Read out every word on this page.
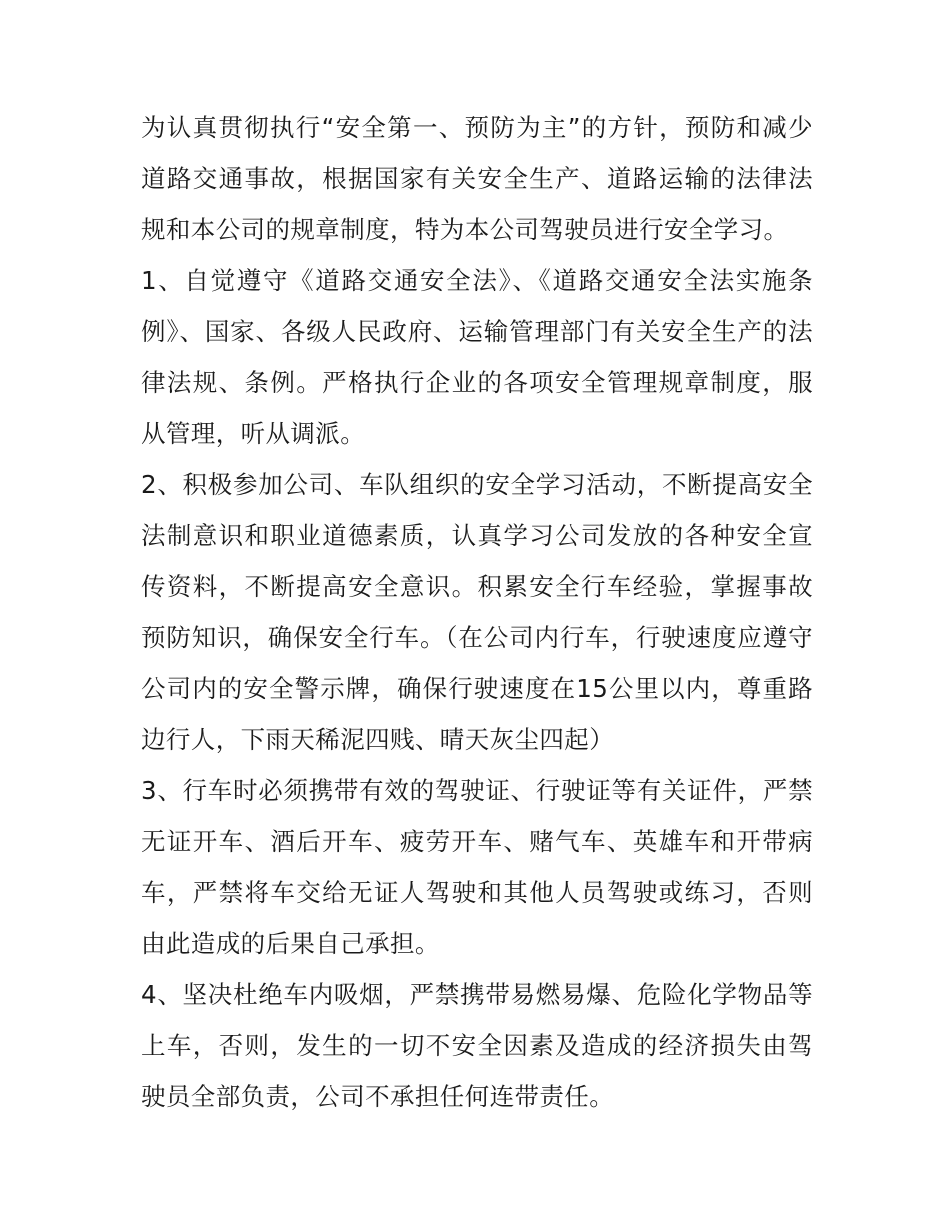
为认真贯彻执行“安全第一、预防为主”的方针，预防和减少道路交通事故，根据国家有关安全生产、道路运输的法律法规和本公司的规章制度，特为本公司驾驶员进行安全学习。

1、自觉遵守《道路交通安全法》、《道路交通安全法实施条例》、国家、各级人民政府、运输管理部门有关安全生产的法律法规、条例。严格执行企业的各项安全管理规章制度，服从管理，听从调派。

2、积极参加公司、车队组织的安全学习活动，不断提高安全法制意识和职业道德素质，认真学习公司发放的各种安全宣传资料，不断提高安全意识。积累安全行车经验，掌握事故预防知识，确保安全行车。（在公司内行车，行驶速度应遵守公司内的安全警示牌，确保行驶速度在15公里以内，尊重路边行人，下雨天稀泥四贱、晴天灰尘四起）

3、行车时必须携带有效的驾驶证、行驶证等有关证件，严禁无证开车、酒后开车、疲劳开车、赌气车、英雄车和开带病车，严禁将车交给无证人驾驶和其他人员驾驶或练习，否则由此造成的后果自己承担。

4、坚决杜绝车内吸烟，严禁携带易燃易爆、危险化学物品等上车，否则，发生的一切不安全因素及造成的经济损失由驾驶员全部负责，公司不承担任何连带责任。
